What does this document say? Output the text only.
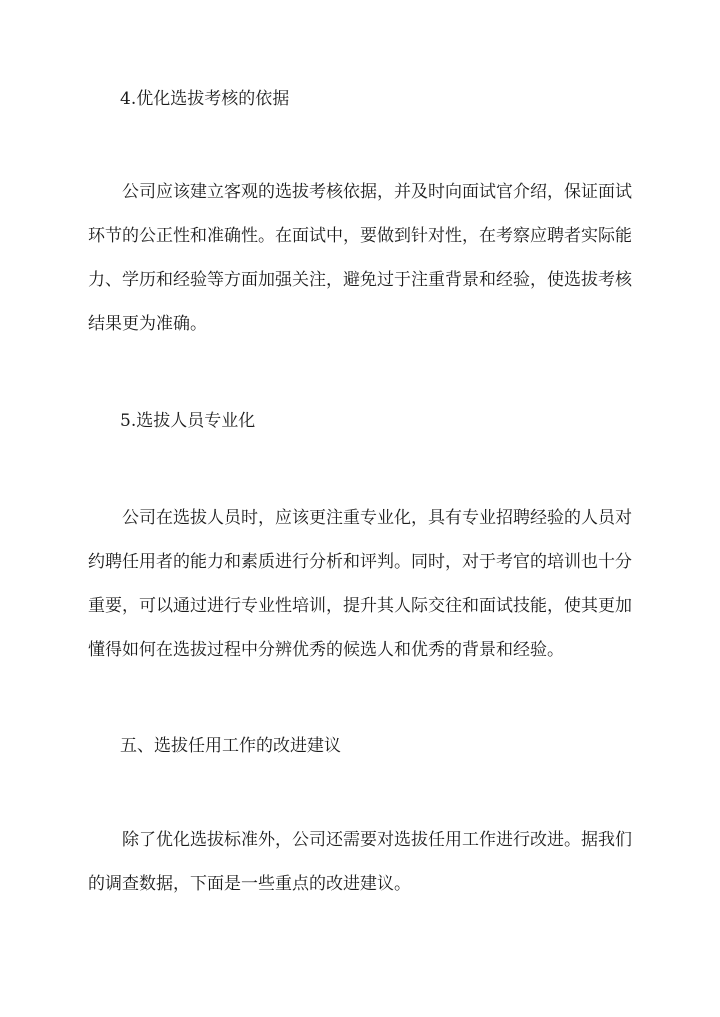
4.优化选拔考核的依据
公司应该建立客观的选拔考核依据，并及时向面试官介绍，保证面试
环节的公正性和准确性。在面试中，要做到针对性，在考察应聘者实际能
力、学历和经验等方面加强关注，避免过于注重背景和经验，使选拔考核
结果更为准确。
5.选拔人员专业化
公司在选拔人员时，应该更注重专业化，具有专业招聘经验的人员对
约聘任用者的能力和素质进行分析和评判。同时，对于考官的培训也十分
重要，可以通过进行专业性培训，提升其人际交往和面试技能，使其更加
懂得如何在选拔过程中分辨优秀的候选人和优秀的背景和经验。
五、选拔任用工作的改进建议
除了优化选拔标准外，公司还需要对选拔任用工作进行改进。据我们
的调查数据，下面是一些重点的改进建议。
